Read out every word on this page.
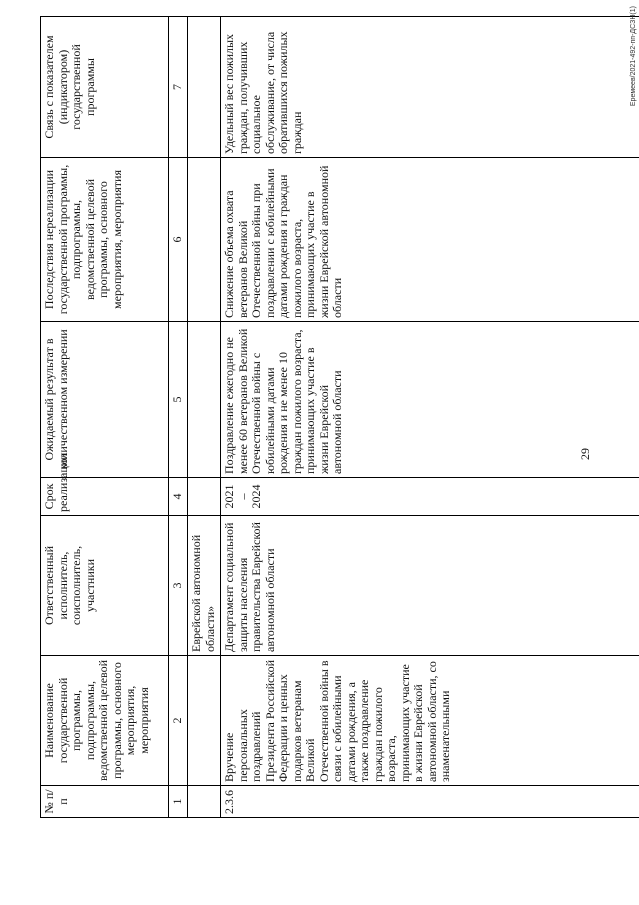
29
№ п/п	Наименование государственной программы, подпрограммы, ведомственной целевой программы, основного мероприятия, мероприятия	Ответственный исполнитель, соисполнитель, участники	Срок реализации	Ожидаемый результат в количественном измерении	Последствия нереализации государственной программы, подпрограммы, ведомственной целевой программы, основного мероприятия, мероприятия	Связь с показателем (индикатором) государственной программы
1	2	3	4	5	6	7
		Еврейской автономной области»				
2.3.6	Вручение персональных поздравлений Президента Российской Федерации и ценных подарков ветеранам Великой Отечественной войны в связи с юбилейными датами рождения, а также поздравление граждан пожилого возраста, принимающих участие в жизни Еврейской автономной области, со знаменательными	Департамент социальной защиты населения правительства Еврейской автономной области	2021 – 2024	Поздравление ежегодно не менее 60 ветеранов Великой Отечественной войны с юбилейными датами рождения и не менее 10 граждан пожилого возраста, принимающих участие в жизни Еврейской автономной области	Снижение объема охвата ветеранов Великой Отечественной войны при поздравлении с юбилейными датами рождения и граждан пожилого возраста, принимающих участие в жизни Еврейской автономной области	Удельный вес пожилых граждан, получивших социальное обслуживание, от числа обратившихся пожилых граждан
Еремеев/2021-492-пп-ДСЗН(1)
